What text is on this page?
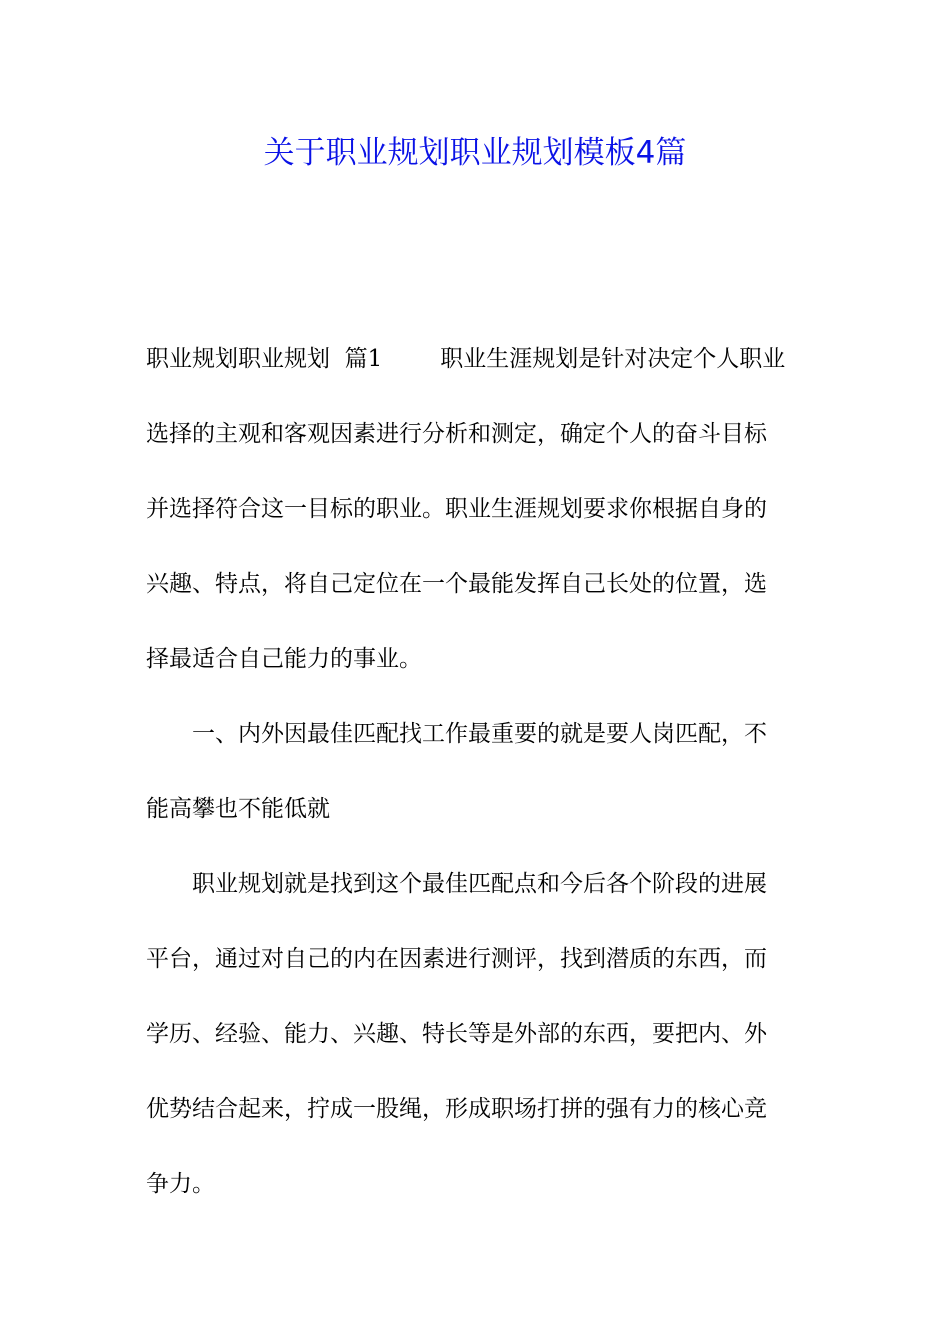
关于职业规划职业规划模板4篇
职业规划职业规划  篇1	职业生涯规划是针对决定个人职业
选择的主观和客观因素进行分析和测定，确定个人的奋斗目标
并选择符合这一目标的职业。职业生涯规划要求你根据自身的
兴趣、特点，将自己定位在一个最能发挥自己长处的位置，选
择最适合自己能力的事业。
一、内外因最佳匹配找工作最重要的就是要人岗匹配，不
能高攀也不能低就
职业规划就是找到这个最佳匹配点和今后各个阶段的进展
平台，通过对自己的内在因素进行测评，找到潜质的东西，而
学历、经验、能力、兴趣、特长等是外部的东西，要把内、外
优势结合起来，拧成一股绳，形成职场打拼的强有力的核心竞
争力。
